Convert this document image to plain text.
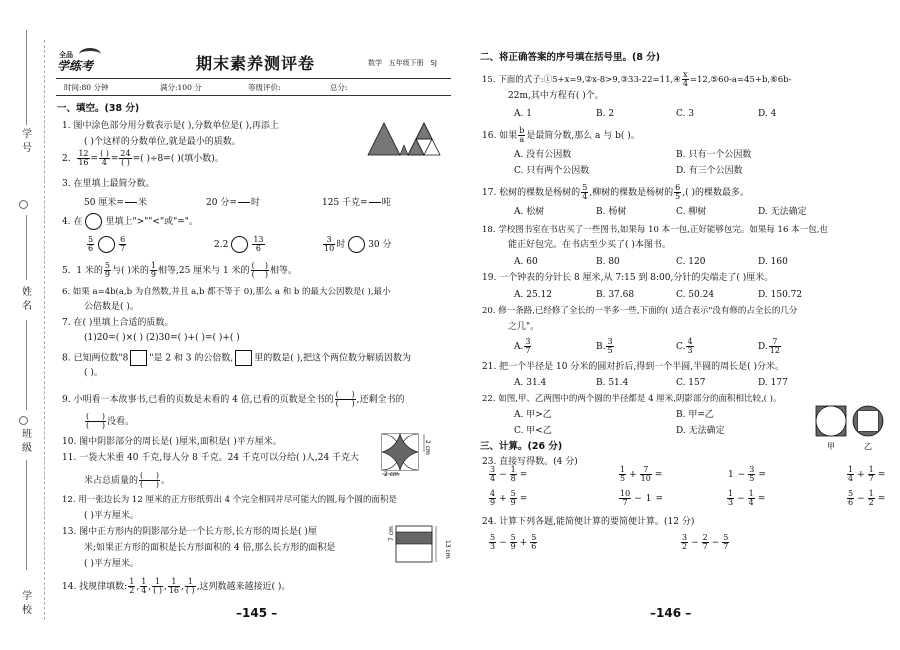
学 号
姓 名
班 级
学 校
全品
学练考	期末素养测评卷	数学 五年级下册 SJ
时间:80 分钟	满分:100 分	等级评价:	总分:
一、填空。(38 分)
1. 图中涂色部分用分数表示是( ),分数单位是( ),再添上
( )个这样的分数单位,就是最小的质数。
2. $\frac{12}{16} = \frac{( )}{4} = \frac{24}{( )}$ =( )÷8=( )(填小数)。
3. 在里填上最简分数。
50 厘米=

米	20 分=

时	125 千克=

吨
4. 在	里填上">""<"或"="。
$\frac{5}{6}$	$\frac{6}{7}$	2.2	$\frac{13}{6}$	$\frac{3}{10}$ 时	30 分
5. 1 米的 $\frac{5}{9}$ 与( )米的 $\frac{1}{9}$ 相等,25 厘米与 1 米的 $\frac{( )}{( )}$ 相等。
6. 如果 a=4b(a,b 为自然数,并且 a,b 都不等于 0),那么 a 和 b 的最大公因数是( ),最小
公倍数是( )。
7. 在( )里填上合适的质数。
(1)20=( )×( ) (2)30=( )+( )=( )+( )
8. 已知两位数"8 "是 2 和 3 的公倍数, 里的数是( ),把这个两位数分解质因数为
( )。
9. 小明看一本故事书,已看的页数是未看的 4 倍,已看的页数是全书的 $\frac{( )}{( )}$ ,还剩全书的
$\frac{( )}{( )}$ 没看。
10. 图中阴影部分的周长是( )厘米,面积是( )平方厘米。	2 cm
2 cm
11. 一袋大米重 40 千克,每人分 8 千克。24 千克可以分给( )人,24 千克大
米占总质量的 $\frac{( )}{( )}$ 。
12. 用一张边长为 12 厘米的正方形纸剪出 4 个完全相同并尽可能大的圆,每个圆的面积是
( )平方厘米。
13. 图中正方形内的阴影部分是一个长方形,长方形的周长是( )厘
米;如果正方形的面积是长方形面积的 4 倍,那么长方形的面积是
( )平方厘米。
7 cm
13 cm
14. 找规律填数: $\frac{1}{2}$ , $\frac{1}{4}$ , $\frac{1}{( )}$ , $\frac{1}{16}$ , $\frac{1}{( )}$ ,这列数越来越接近( )。
–145 –
二、将正确答案的序号填在括号里。(8 分)
15. 下面的式子:①5+x=9,②x-8>9,③33-22=11,④ $\frac{x}{4}$ =12,⑤60-a=45+b,⑥6b-
22m,其中方程有( )个。
A. 1	B. 2	C. 3	D. 4
16. 如果 $\frac{b}{a}$ 是最简分数,那么 a 与 b( )。
A. 没有公因数	B. 只有一个公因数
C. 只有两个公因数	D. 有三个公因数
17. 松树的棵数是杨树的 $\frac{5}{4}$ ,柳树的棵数是杨树的 $\frac{6}{5}$ ,( )的棵数最多。
A. 松树	B. 杨树	C. 柳树	D. 无法确定
18. 学校图书室在书店买了一些图书,如果每 10 本一包,正好能够包完。如果每 16 本一包,也
能正好包完。在书店至少买了( )本图书。
A. 60	B. 80	C. 120	D. 160
19. 一个钟表的分针长 8 厘米,从 7:15 到 8:00,分针的尖端走了( )厘米。
A. 25.12	B. 37.68	C. 50.24	D. 150.72
20. 修一条路,已经修了全长的一半多一些,下面的( )适合表示"没有修的占全长的几分
之几"。
A. $\frac{3}{7}$	B. $\frac{3}{5}$	C. $\frac{4}{3}$	D. $\frac{7}{12}$
21. 把一个半径是 10 分米的圆对折后,得到一个半圆,半圆的周长是( )分米。
A. 31.4	B. 51.4	C. 157	D. 177
22. 如图,甲、乙两图中的两个圆的半径都是 4 厘米,阴影部分的面积相比较,( )。
A. 甲>乙	B. 甲=乙
C. 甲<乙	D. 无法确定
甲	乙
三、计算。(26 分)
23. 直接写得数。(4 分)
24. 计算下列各题,能简便计算的要简便计算。(12 分)
–146 –
$\frac{3}{4} - \frac{1}{8}$ =	$\frac{1}{5} + \frac{7}{10}$ =	$1 - \frac{3}{5}$ =	$\frac{1}{4} + \frac{1}{7}$ =
$\frac{4}{9} + \frac{5}{9}$ =	$\frac{10}{7} - 1$ =	$\frac{1}{3} - \frac{1}{4}$ =	$\frac{5}{6} - \frac{1}{2}$ =
$\frac{5}{3} - \frac{5}{9} + \frac{5}{6}$	$\frac{3}{2} - \frac{2}{7} - \frac{5}{7}$
